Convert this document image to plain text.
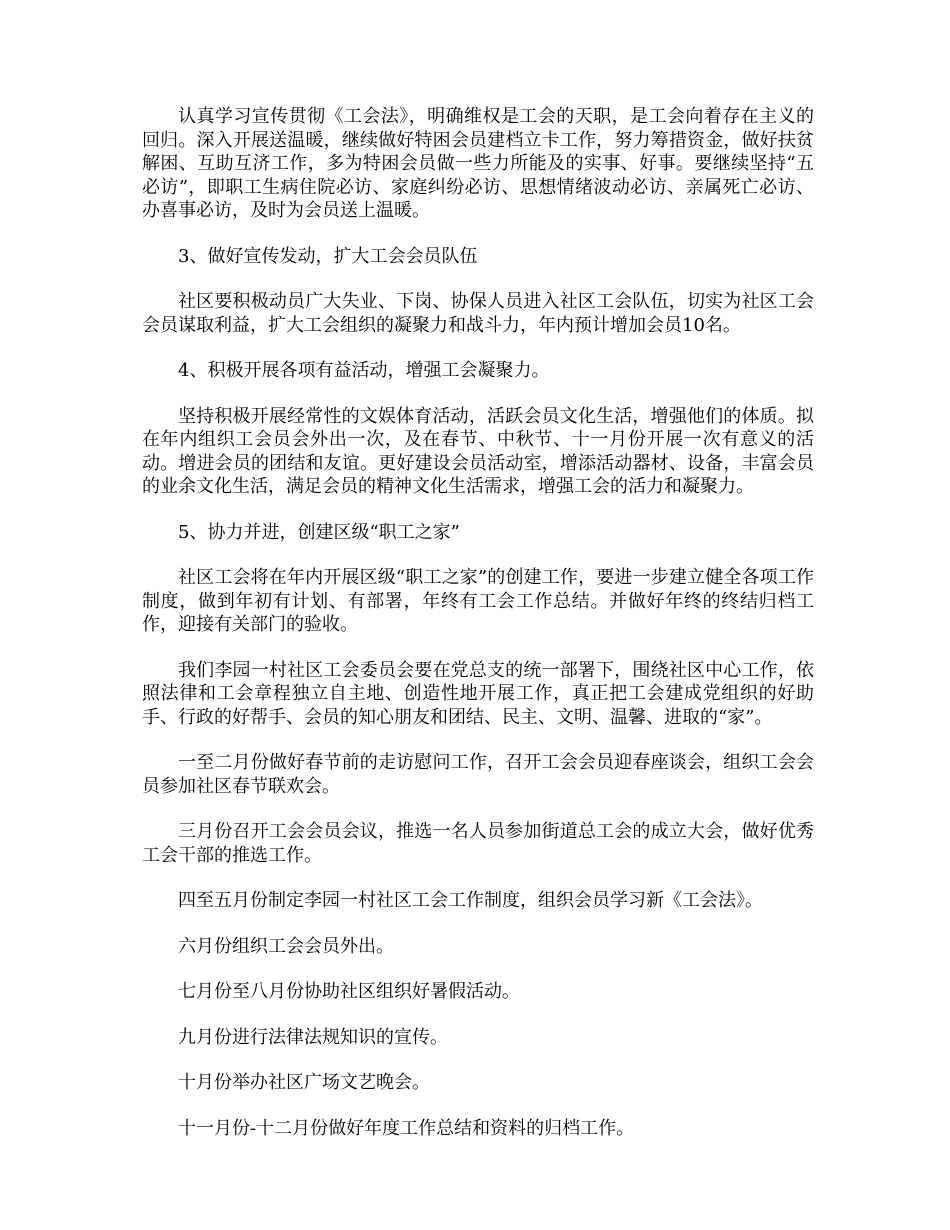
认真学习宣传贯彻《工会法》，明确维权是工会的天职，是工会向着存在主义的回归。深入开展送温暖，继续做好特困会员建档立卡工作，努力筹措资金，做好扶贫解困、互助互济工作，多为特困会员做一些力所能及的实事、好事。要继续坚持“五必访”，即职工生病住院必访、家庭纠纷必访、思想情绪波动必访、亲属死亡必访、办喜事必访，及时为会员送上温暖。

3、做好宣传发动，扩大工会会员队伍

社区要积极动员广大失业、下岗、协保人员进入社区工会队伍，切实为社区工会会员谋取利益，扩大工会组织的凝聚力和战斗力，年内预计增加会员10名。

4、积极开展各项有益活动，增强工会凝聚力。

坚持积极开展经常性的文娱体育活动，活跃会员文化生活，增强他们的体质。拟在年内组织工会员会外出一次，及在春节、中秋节、十一月份开展一次有意义的活动。增进会员的团结和友谊。更好建设会员活动室，增添活动器材、设备，丰富会员的业余文化生活，满足会员的精神文化生活需求，增强工会的活力和凝聚力。

5、协力并进，创建区级“职工之家”

社区工会将在年内开展区级“职工之家”的创建工作，要进一步建立健全各项工作制度，做到年初有计划、有部署，年终有工会工作总结。并做好年终的终结归档工作，迎接有关部门的验收。

我们李园一村社区工会委员会要在党总支的统一部署下，围绕社区中心工作，依照法律和工会章程独立自主地、创造性地开展工作，真正把工会建成党组织的好助手、行政的好帮手、会员的知心朋友和团结、民主、文明、温馨、进取的“家”。

一至二月份做好春节前的走访慰问工作，召开工会会员迎春座谈会，组织工会会员参加社区春节联欢会。

三月份召开工会会员会议，推选一名人员参加街道总工会的成立大会，做好优秀工会干部的推选工作。

四至五月份制定李园一村社区工会工作制度，组织会员学习新《工会法》。

六月份组织工会会员外出。

七月份至八月份协助社区组织好暑假活动。

九月份进行法律法规知识的宣传。

十月份举办社区广场文艺晚会。

十一月份-十二月份做好年度工作总结和资料的归档工作。
